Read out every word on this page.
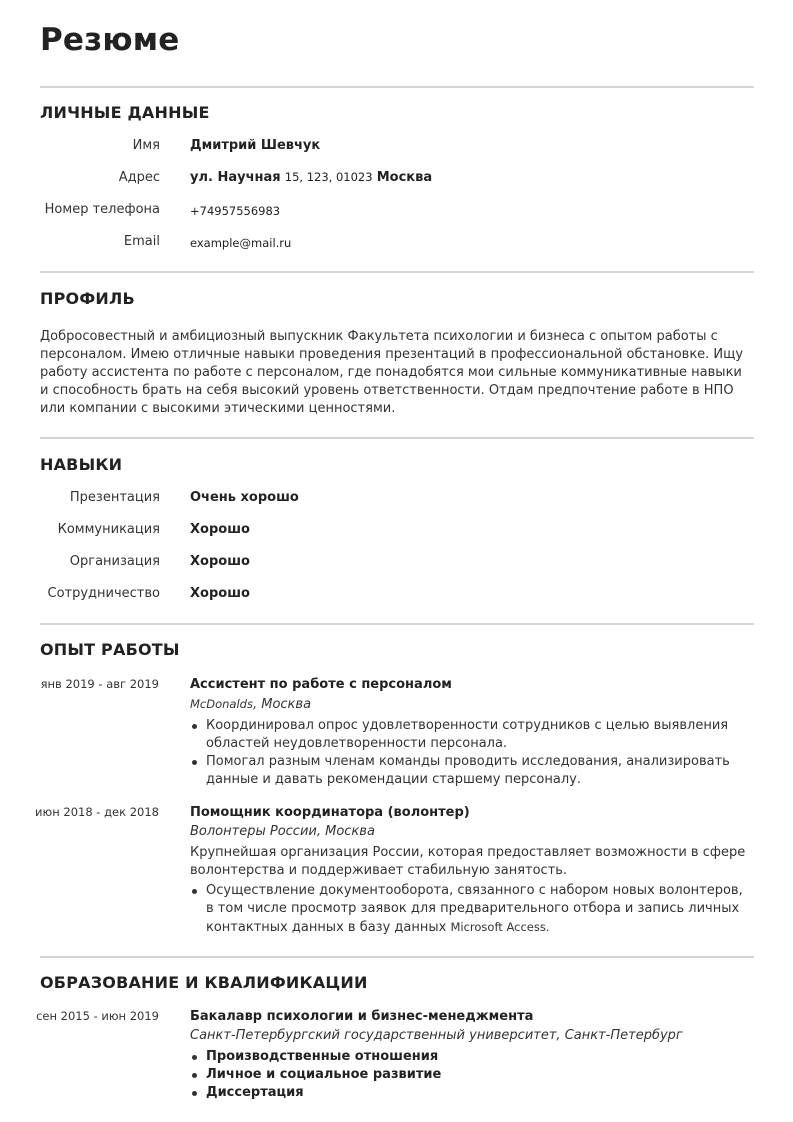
Резюме
ЛИЧНЫЕ ДАННЫЕ
Имя Дмитрий Шевчук
Адрес ул. Научная 15, 123, 01023 Москва
Номер телефона	+74957556983
Email	example@mail.ru
ПРОФИЛЬ

Добросовестный и амбициозный выпускник Факультета психологии и бизнеса с опытом работы с персоналом. Имею отличные навыки проведения презентаций в профессиональной обстановке. Ищу работу ассистента по работе с персоналом, где понадобятся мои сильные коммуникативные навыки и способность брать на себя высокий уровень ответственности. Отдам предпочтение работе в НПО или компании с высокими этическими ценностями.

НАВЫКИ
Презентация Очень хорошо
Коммуникация Хорошо
Организация Хорошо
Сотрудничество Хорошо
ОПЫТ РАБОТЫ
янв 2019 - авг 2019 Ассистент по работе с персоналом
McDonalds, Москва
Координировал опрос удовлетворенности сотрудников с целью выявления областей неудовлетворенности персонала.
Помогал разным членам команды проводить исследования, анализировать данные и давать рекомендации старшему персоналу.
июн 2018 - дек 2018 Помощник координатора (волонтер)
Волонтеры России, Москва
Крупнейшая организация России, которая предоставляет возможности в сфере волонтерства и поддерживает стабильную занятость.
Осуществление документооборота, связанного с набором новых волонтеров, в том числе просмотр заявок для предварительного отбора и запись личных контактных данных в базу данных Microsoft Access.
ОБРАЗОВАНИЕ И КВАЛИФИКАЦИИ
сен 2015 - июн 2019 Бакалавр психологии и бизнес-менеджмента
Санкт-Петербургский государственный университет, Санкт-Петербург
Производственные отношения
Личное и социальное развитие
Диссертация
